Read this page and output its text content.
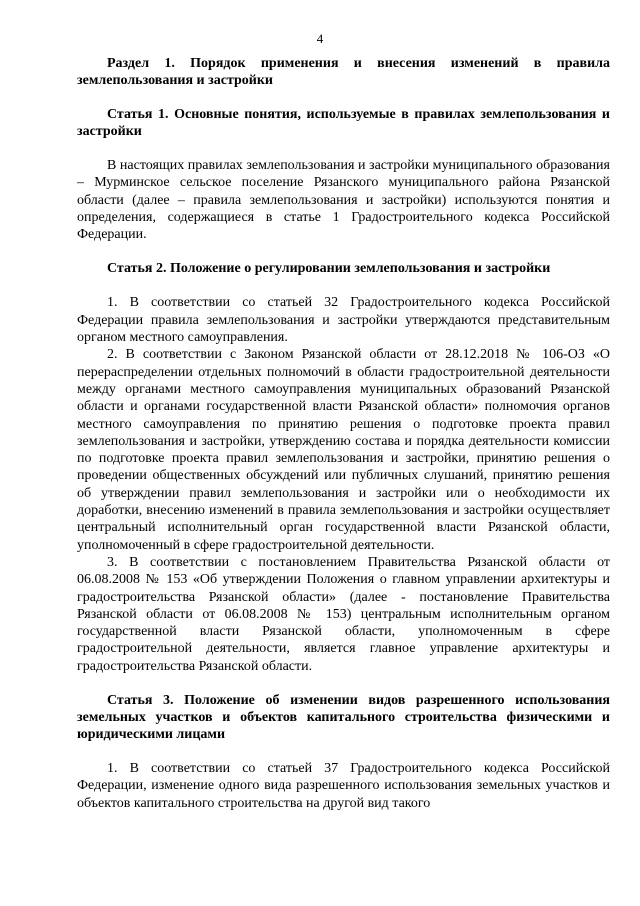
4

Раздел 1. Порядок применения и внесения изменений в правила землепользования и застройки

Статья 1. Основные понятия, используемые в правилах землепользования и застройки

В настоящих правилах землепользования и застройки муниципального образования – Мурминское сельское поселение Рязанского муниципального района Рязанской области (далее – правила землепользования и застройки) используются понятия и определения, содержащиеся в статье 1 Градостроительного кодекса Российской Федерации.

Статья 2. Положение о регулировании землепользования и застройки

1. В соответствии со статьей 32 Градостроительного кодекса Российской Федерации правила землепользования и застройки утверждаются представительным органом местного самоуправления.

2. В соответствии с Законом Рязанской области от 28.12.2018 № 106-ОЗ «О перераспределении отдельных полномочий в области градостроительной деятельности между органами местного самоуправления муниципальных образований Рязанской области и органами государственной власти Рязанской области» полномочия органов местного самоуправления по принятию решения о подготовке проекта правил землепользования и застройки, утверждению состава и порядка деятельности комиссии по подготовке проекта правил землепользования и застройки, принятию решения о проведении общественных обсуждений или публичных слушаний, принятию решения об утверждении правил землепользования и застройки или о необходимости их доработки, внесению изменений в правила землепользования и застройки осуществляет центральный исполнительный орган государственной власти Рязанской области, уполномоченный в сфере градостроительной деятельности.

3. В соответствии с постановлением Правительства Рязанской области от 06.08.2008 № 153 «Об утверждении Положения о главном управлении архитектуры и градостроительства Рязанской области» (далее - постановление Правительства Рязанской области от 06.08.2008 № 153) центральным исполнительным органом государственной власти Рязанской области, уполномоченным в сфере градостроительной деятельности, является главное управление архитектуры и градостроительства Рязанской области.

Статья 3. Положение об изменении видов разрешенного использования земельных участков и объектов капитального строительства физическими и юридическими лицами

1. В соответствии со статьей 37 Градостроительного кодекса Российской Федерации, изменение одного вида разрешенного использования земельных участков и объектов капитального строительства на другой вид такого
